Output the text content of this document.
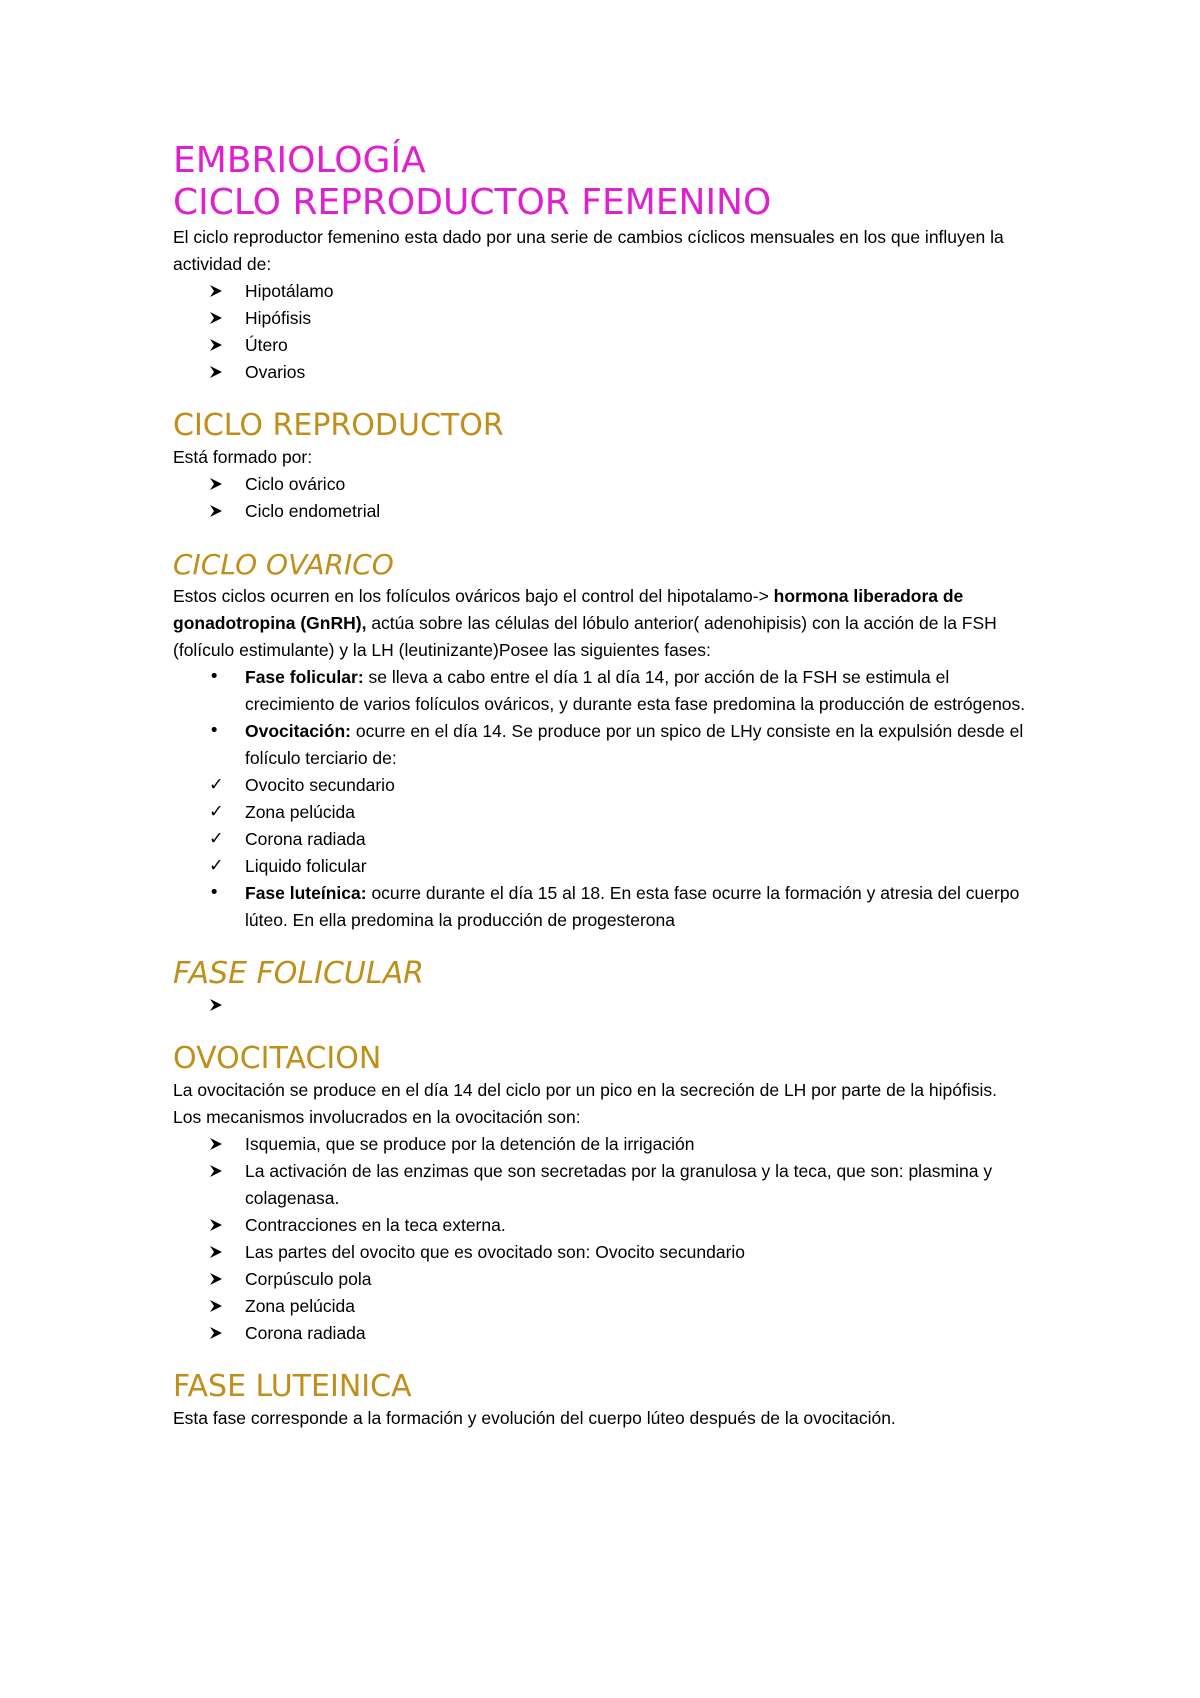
EMBRIOLOGÍA
CICLO REPRODUCTOR FEMENINO

El ciclo reproductor femenino esta dado por una serie de cambios cíclicos mensuales en los que influyen la actividad de:

Hipotálamo
Hipófisis
Útero
Ovarios
CICLO REPRODUCTOR

Está formado por:

Ciclo ovárico
Ciclo endometrial
CICLO OVARICO

Estos ciclos ocurren en los folículos ováricos bajo el control del hipotalamo-> hormona liberadora de gonadotropina (GnRH), actúa sobre las células del lóbulo anterior( adenohipisis) con la acción de la FSH (folículo estimulante) y la LH (leutinizante)Posee las siguientes fases:

•	Fase folicular: se lleva a cabo entre el día 1 al día 14, por acción de la FSH se estimula el crecimiento de varios folículos ováricos, y durante esta fase predomina la producción de estrógenos.
•	Ovocitación: ocurre en el día 14. Se produce por un spico de LHy consiste en la expulsión desde el folículo terciario de:
✓	Ovocito secundario
✓	Zona pelúcida
✓	Corona radiada
✓	Liquido folicular
•	Fase luteínica: ocurre durante el día 15 al 18. En esta fase ocurre la formación y atresia del cuerpo lúteo. En ella predomina la producción de progesterona
FASE FOLICULAR
OVOCITACION

La ovocitación se produce en el día 14 del ciclo por un pico en la secreción de LH por parte de la hipófisis.

Los mecanismos involucrados en la ovocitación son:

Isquemia, que se produce por la detención de la irrigación
La activación de las enzimas que son secretadas por la granulosa y la teca, que son: plasmina y colagenasa.
Contracciones en la teca externa.
Las partes del ovocito que es ovocitado son: Ovocito secundario
Corpúsculo pola
Zona pelúcida
Corona radiada
FASE LUTEINICA

Esta fase corresponde a la formación y evolución del cuerpo lúteo después de la ovocitación.
